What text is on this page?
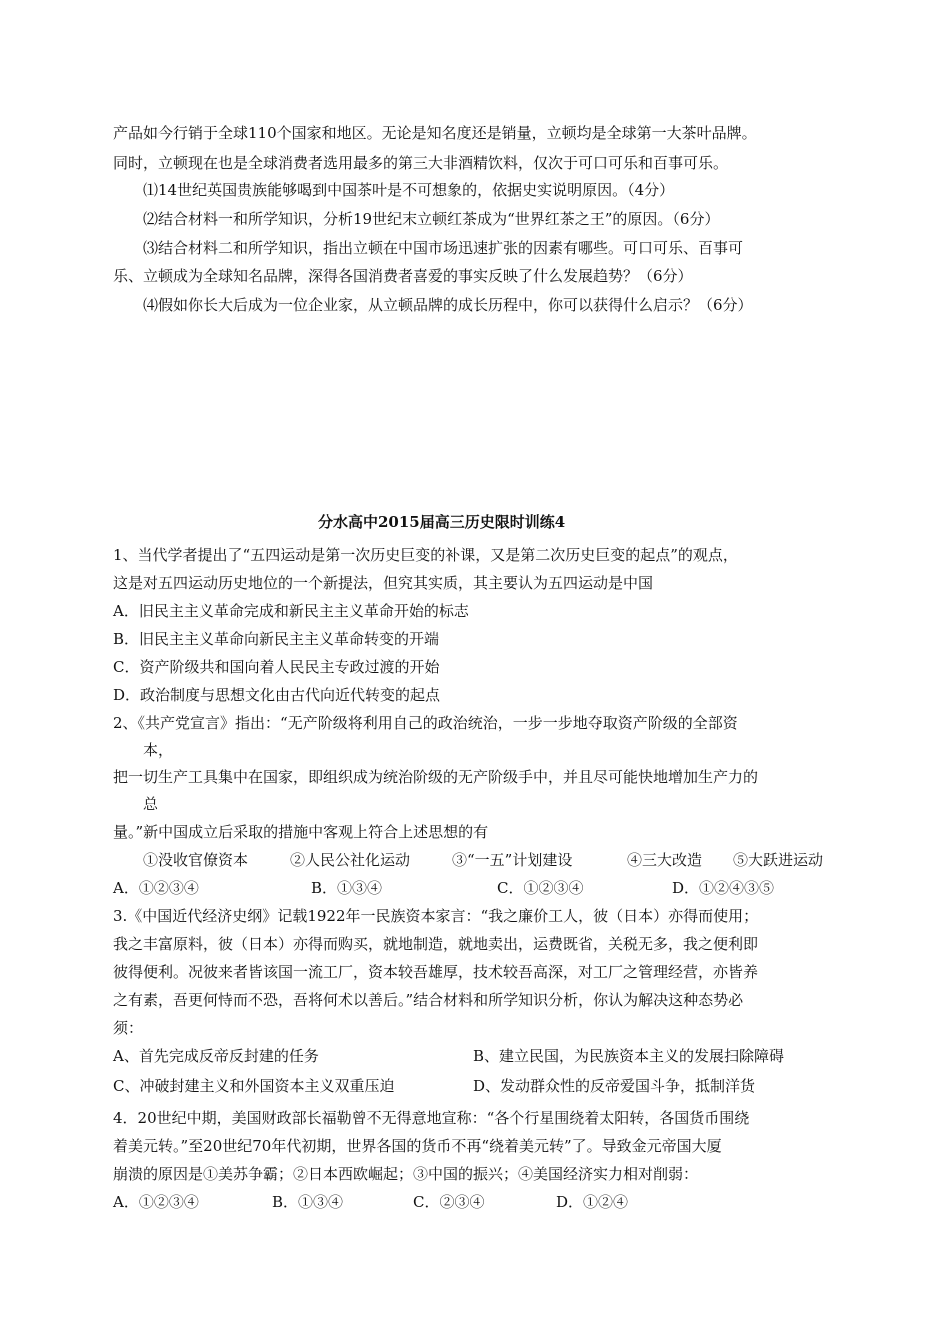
产品如今行销于全球110个国家和地区。无论是知名度还是销量，立顿均是全球第一大茶叶品牌。
同时，立顿现在也是全球消费者选用最多的第三大非酒精饮料，仅次于可口可乐和百事可乐。
⑴14世纪英国贵族能够喝到中国茶叶是不可想象的，依据史实说明原因。（4分）
⑵结合材料一和所学知识，分析19世纪末立顿红茶成为“世界红茶之王”的原因。（6分）
⑶结合材料二和所学知识，指出立顿在中国市场迅速扩张的因素有哪些。可口可乐、百事可
乐、立顿成为全球知名品牌，深得各国消费者喜爱的事实反映了什么发展趋势？（6分）
⑷假如你长大后成为一位企业家，从立顿品牌的成长历程中，你可以获得什么启示？（6分）
分水高中2015届高三历史限时训练4
1、当代学者提出了“五四运动是第一次历史巨变的补课，又是第二次历史巨变的起点”的观点，
这是对五四运动历史地位的一个新提法，但究其实质，其主要认为五四运动是中国
A．旧民主主义革命完成和新民主主义革命开始的标志
B．旧民主主义革命向新民主主义革命转变的开端
C．资产阶级共和国向着人民民主专政过渡的开始
D．政治制度与思想文化由古代向近代转变的起点
2、《共产党宣言》指出：“无产阶级将利用自己的政治统治，一步一步地夺取资产阶级的全部资
本，
把一切生产工具集中在国家，即组织成为统治阶级的无产阶级手中，并且尽可能快地增加生产力的
总
量。”新中国成立后采取的措施中客观上符合上述思想的有
①没收官僚资本	②人民公社化运动	③“一五”计划建设	④三大改造 ⑤大跃进运动
A．①②③④	B．①③④	C．①②③④	D．①②④③⑤
3.《中国近代经济史纲》记载1922年一民族资本家言：“我之廉价工人，彼（日本）亦得而使用；
我之丰富原料，彼（日本）亦得而购买，就地制造，就地卖出，运费既省，关税无多，我之便利即
彼得便利。况彼来者皆该国一流工厂，资本较吾雄厚，技术较吾高深，对工厂之管理经营，亦皆养
之有素，吾更何恃而不恐，吾将何术以善后。”结合材料和所学知识分析，你认为解决这种态势必
须：
A、首先完成反帝反封建的任务	B、建立民国，为民族资本主义的发展扫除障碍
C、冲破封建主义和外国资本主义双重压迫	D、发动群众性的反帝爱国斗争，抵制洋货
4．20世纪中期，美国财政部长福勒曾不无得意地宣称：“各个行星围绕着太阳转，各国货币围绕
着美元转。”至20世纪70年代初期，世界各国的货币不再“绕着美元转”了。导致金元帝国大厦
崩溃的原因是①美苏争霸；②日本西欧崛起；③中国的振兴；④美国经济实力相对削弱：
A．①②③④	B．①③④	C．②③④	D．①②④
